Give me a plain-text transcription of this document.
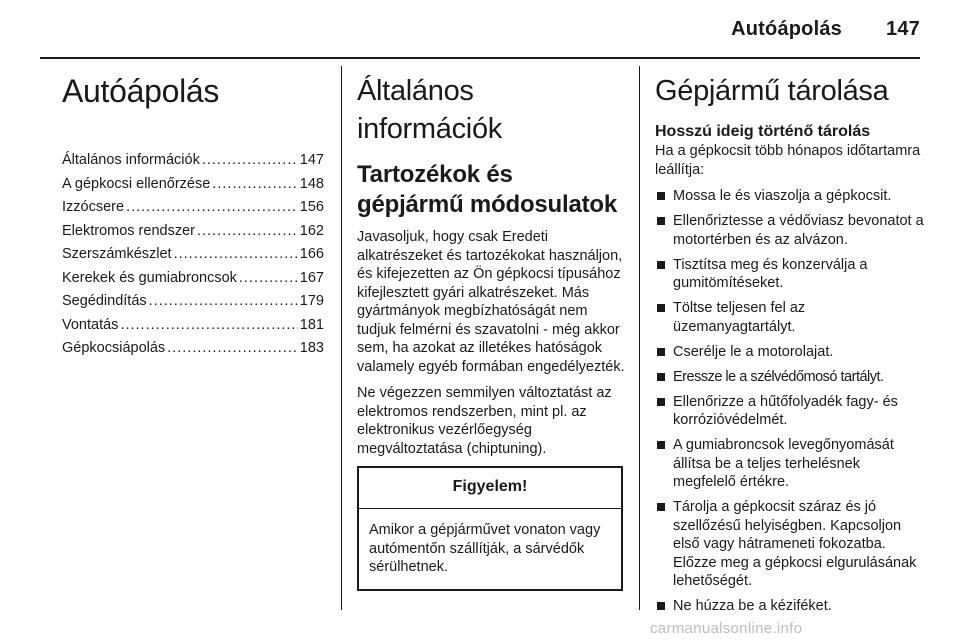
Autóápolás 147
Autóápolás
Általános információk .....	147
A gépkocsi ellenőrzése .....	148
Izzócsere .....	156
Elektromos rendszer .....	162
Szerszámkészlet .....	166
Kerekek és gumiabroncsok .....	167
Segédindítás .....	179
Vontatás .....	181
Gépkocsiápolás .....	183
Általános információk
Tartozékok és gépjármű módosulatok

Javasoljuk, hogy csak Eredeti alkatrészeket és tartozékokat használjon, és kifejezetten az Ön gépkocsi típusához kifejlesztett gyári alkatrészeket. Más gyártmányok megbízhatóságát nem tudjuk felmérni és szavatolni - még akkor sem, ha azokat az illetékes hatóságok valamely egyéb formában engedélyezték.

Ne végezzen semmilyen változtatást az elektromos rendszerben, mint pl. az elektronikus vezérlőegység megváltoztatása (chiptuning).

Figyelem!
Amikor a gépjárművet vonaton vagy autómentőn szállítják, a sárvédők sérülhetnek.
Gépjármű tárolása
Hosszú ideig történő tárolás

Ha a gépkocsit több hónapos időtartamra leállítja:

Mossa le és viaszolja a gépkocsit.
Ellenőriztesse a védőviasz bevonatot a motortérben és az alvázon.
Tisztítsa meg és konzerválja a gumitömítéseket.
Töltse teljesen fel az üzemanyagtartályt.
Cserélje le a motorolajat.
Eressze le a szélvédőmosó tartályt.
Ellenőrizze a hűtőfolyadék fagy- és korrózióvédelmét.
A gumiabroncsok levegőnyomását állítsa be a teljes terhelésnek megfelelő értékre.
Tárolja a gépkocsit száraz és jó szellőzésű helyiségben. Kapcsoljon első vagy hátrameneti fokozatba. Előzze meg a gépkocsi elgurulásának lehetőségét.
Ne húzza be a kéziféket.
carmanualsonline.info
